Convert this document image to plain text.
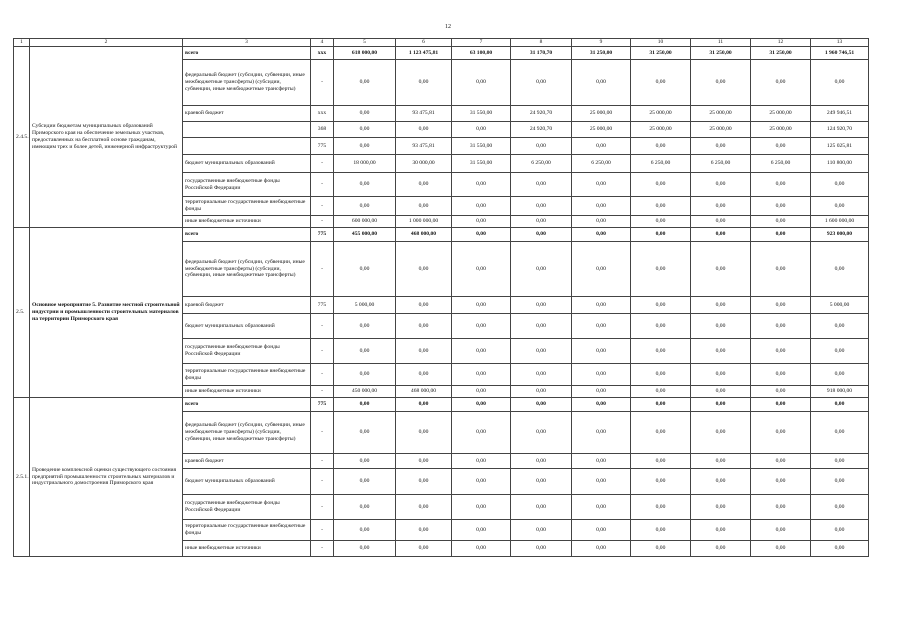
12
1	2	3	4	5	6	7	8	9	10	11	12	13
2.4.5.	Субсидии бюджетам муниципальных образований Приморского края на обеспечение земельных участков, предоставленных на бесплатной основе гражданам, имеющим трех и более детей, инженерной инфраструктурой	всего	ххх	618 000,00	1 123 475,81	63 100,00	31 170,70	31 250,00	31 250,00	31 250,00	31 250,00	1 960 746,51
		федеральный бюджет (субсидии, субвенции, иные межбюджетные трансферты) (субсидии, субвенции, иные межбюджетные трансферты)	-	0,00	0,00	0,00	0,00	0,00	0,00	0,00	0,00	0,00
		краевой бюджет	ххх	0,00	93 475,81	31 550,00	24 920,70	25 000,00	25 000,00	25 000,00	25 000,00	249 946,51
			368	0,00	0,00	0,00	24 920,70	25 000,00	25 000,00	25 000,00	25 000,00	124 920,70
			775	0,00	93 475,81	31 550,00	0,00	0,00	0,00	0,00	0,00	125 025,81
		бюджет муниципальных образований	-	18 000,00	30 000,00	31 550,00	6 250,00	6 250,00	6 250,00	6 250,00	6 250,00	110 800,00
		государственные внебюджетные фонды Российской Федерации	-	0,00	0,00	0,00	0,00	0,00	0,00	0,00	0,00	0,00
		территориальные государственные внебюджетные фонды	-	0,00	0,00	0,00	0,00	0,00	0,00	0,00	0,00	0,00
		иные внебюджетные источники	-	600 000,00	1 000 000,00	0,00	0,00	0,00	0,00	0,00	0,00	1 600 000,00
2.5.	Основное мероприятие 5. Развитие местной строительной индустрии и промышленности строительных материалов на территории Приморского края	всего	775	455 000,00	468 000,00	0,00	0,00	0,00	0,00	0,00	0,00	923 000,00
		федеральный бюджет (субсидии, субвенции, иные межбюджетные трансферты) (субсидии, субвенции, иные межбюджетные трансферты)	-	0,00	0,00	0,00	0,00	0,00	0,00	0,00	0,00	0,00
		краевой бюджет	775	5 000,00	0,00	0,00	0,00	0,00	0,00	0,00	0,00	5 000,00
		бюджет муниципальных образований	-	0,00	0,00	0,00	0,00	0,00	0,00	0,00	0,00	0,00
		государственные внебюджетные фонды Российской Федерации	-	0,00	0,00	0,00	0,00	0,00	0,00	0,00	0,00	0,00
		территориальные государственные внебюджетные фонды	-	0,00	0,00	0,00	0,00	0,00	0,00	0,00	0,00	0,00
		иные внебюджетные источники	-	450 000,00	468 000,00	0,00	0,00	0,00	0,00	0,00	0,00	918 000,00
2.5.1.	Проведение комплексной оценки существующего состояния предприятий промышленности строительных материалов и индустриального домостроения Приморского края	всего	775	0,00	0,00	0,00	0,00	0,00	0,00	0,00	0,00	0,00
		федеральный бюджет (субсидии, субвенции, иные межбюджетные трансферты) (субсидии, субвенции, иные межбюджетные трансферты)	-	0,00	0,00	0,00	0,00	0,00	0,00	0,00	0,00	0,00
		краевой бюджет	-	0,00	0,00	0,00	0,00	0,00	0,00	0,00	0,00	0,00
		бюджет муниципальных образований	-	0,00	0,00	0,00	0,00	0,00	0,00	0,00	0,00	0,00
		государственные внебюджетные фонды Российской Федерации	-	0,00	0,00	0,00	0,00	0,00	0,00	0,00	0,00	0,00
		территориальные государственные внебюджетные фонды	-	0,00	0,00	0,00	0,00	0,00	0,00	0,00	0,00	0,00
		иные внебюджетные источники	-	0,00	0,00	0,00	0,00	0,00	0,00	0,00	0,00	0,00
